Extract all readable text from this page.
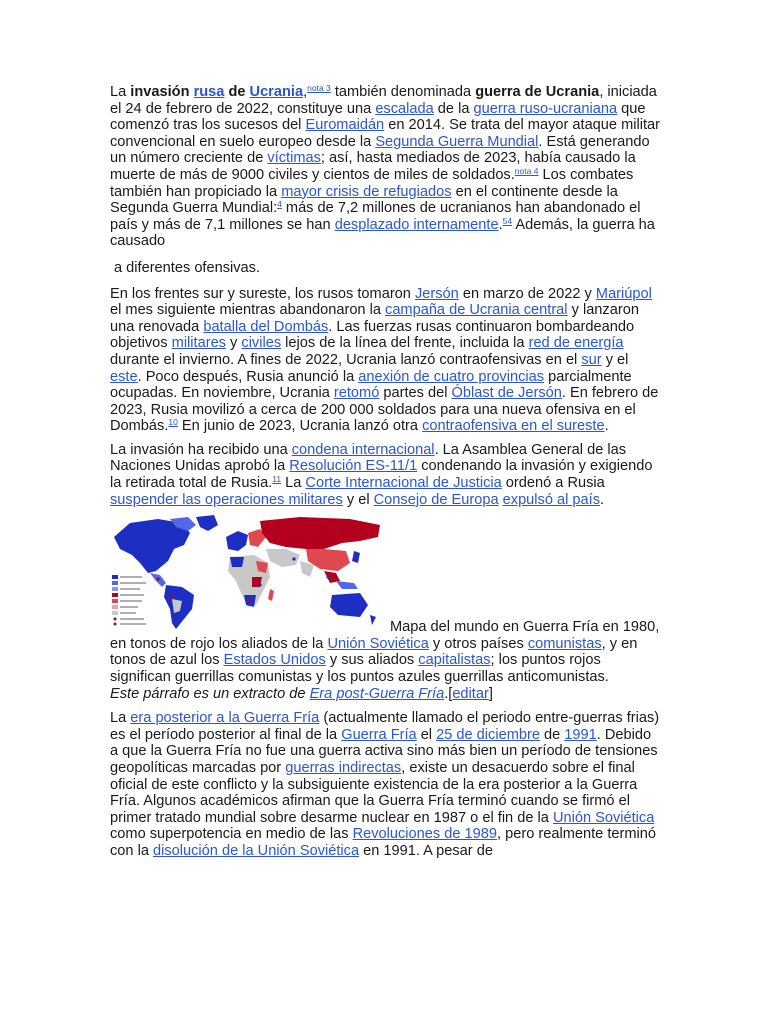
La invasión rusa de Ucrania,$^{nota 3}$ también denominada guerra de Ucrania, iniciada el 24 de febrero de 2022, constituye una escalada de la guerra ruso-ucraniana que comenzó tras los sucesos del Euromaidán en 2014. Se trata del mayor ataque militar convencional en suelo europeo desde la Segunda Guerra Mundial. Está generando un número creciente de víctimas; así, hasta mediados de 2023, había causado la muerte de más de 9000 civiles y cientos de miles de soldados.$^{nota 4}$ Los combates también han propiciado la mayor crisis de refugiados en el continente desde la Segunda Guerra Mundial:$^4$ más de 7,2 millones de ucranianos han abandonado el país y más de 7,1 millones se han desplazado internamente.$^{54}$ Además, la guerra ha causado

a diferentes ofensivas.

En los frentes sur y sureste, los rusos tomaron Jersón en marzo de 2022 y Mariúpol el mes siguiente mientras abandonaron la campaña de Ucrania central y lanzaron una renovada batalla del Dombás. Las fuerzas rusas continuaron bombardeando objetivos militares y civiles lejos de la línea del frente, incluida la red de energía durante el invierno. A fines de 2022, Ucrania lanzó contraofensivas en el sur y el este. Poco después, Rusia anunció la anexión de cuatro provincias parcialmente ocupadas. En noviembre, Ucrania retomó partes del Óblast de Jersón. En febrero de 2023, Rusia movilizó a cerca de 200 000 soldados para una nueva ofensiva en el Dombás.$^{10}$ En junio de 2023, Ucrania lanzó otra contraofensiva en el sureste.

La invasión ha recibido una condena internacional. La Asamblea General de las Naciones Unidas aprobó la Resolución ES-11/1 condenando la invasión y exigiendo la retirada total de Rusia.$^{11}$ La Corte Internacional de Justicia ordenó a Rusia suspender las operaciones militares y el Consejo de Europa expulsó al país.

Mapa del mundo en Guerra Fría en 1980, en tonos de rojo los aliados de la Unión Soviética y otros países comunistas, y en tonos de azul los Estados Unidos y sus aliados capitalistas; los puntos rojos significan guerrillas comunistas y los puntos azules guerrillas anticomunistas.

Este párrafo es un extracto de Era post-Guerra Fría.[editar]

La era posterior a la Guerra Fría (actualmente llamado el periodo entre-guerras frias) es el período posterior al final de la Guerra Fría el 25 de diciembre de 1991. Debido a que la Guerra Fría no fue una guerra activa sino más bien un período de tensiones geopolíticas marcadas por guerras indirectas, existe un desacuerdo sobre el final oficial de este conflicto y la subsiguiente existencia de la era posterior a la Guerra Fría. Algunos académicos afirman que la Guerra Fría terminó cuando se firmó el primer tratado mundial sobre desarme nuclear en 1987 o el fin de la Unión Soviética como superpotencia en medio de las Revoluciones de 1989, pero realmente terminó con la disolución de la Unión Soviética en 1991. A pesar de
